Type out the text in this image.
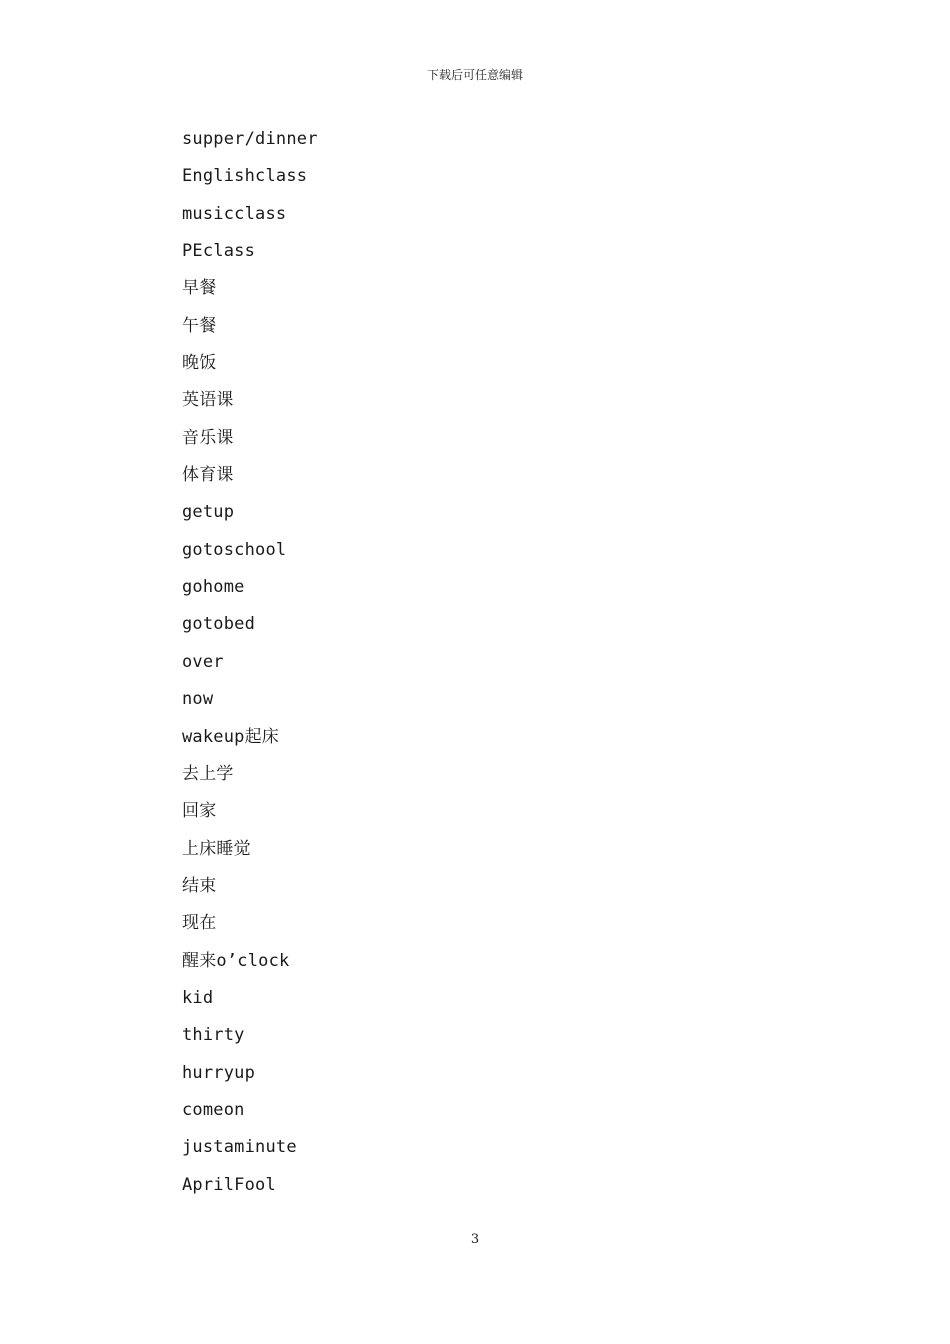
下载后可任意编辑
supper/dinner
Englishclass
musicclass
PEclass
早餐
午餐
晚饭
英语课
音乐课
体育课
getup
gotoschool
gohome
gotobed
over
now
wakeup起床
去上学
回家
上床睡觉
结束
现在
醒来o’clock
kid
thirty
hurryup
comeon
justaminute
AprilFool
3
